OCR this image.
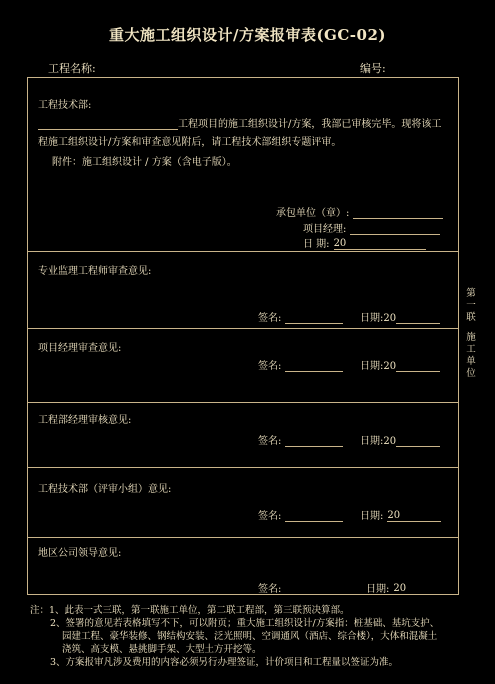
重大施工组织设计/方案报审表(GC-02)
工程名称:	编号:
工程技术部:
工程项目的施工组织设计/方案，我部已审核完毕。现将该工
程施工组织设计/方案和审查意见附后，请工程技术部组织专题评审。
附件：施工组织设计 / 方案（含电子版）。
承包单位（章）:
项目经理:
日 期: 20
专业监理工程师审查意见:
签名:	日期:20
项目经理审查意见:
签名:	日期:20
工程部经理审核意见:
签名:	日期:20
工程技术部（评审小组）意见:
签名:	日期: 20
地区公司领导意见:
签名:	日期: 20
第
一
联
施
工
单
位
注：1、此表一式三联，第一联施工单位，第二联工程部，第三联预决算部。
2、签署的意见若表格填写不下，可以附页；重大施工组织设计/方案指：桩基础、基坑支护、
园建工程、豪华装修、钢结构安装、泛光照明、空调通风（酒店、综合楼），大体和混凝土
浇筑、高支模、悬挑脚手架、大型土方开挖等。
3、方案报审凡涉及费用的内容必须另行办理签证，计价项目和工程量以签证为准。
